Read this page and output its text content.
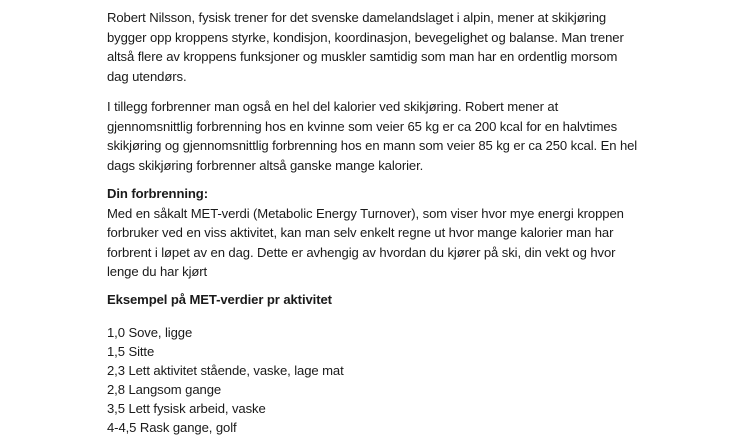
Robert Nilsson, fysisk trener for det svenske damelandslaget i alpin, mener at skikjøring bygger opp kroppens styrke, kondisjon, koordinasjon, bevegelighet og balanse. Man trener altså flere av kroppens funksjoner og muskler samtidig som man har en ordentlig morsom dag utendørs.

I tillegg forbrenner man også en hel del kalorier ved skikjøring. Robert mener at gjennomsnittlig forbrenning hos en kvinne som veier 65 kg er ca 200 kcal for en halvtimes skikjøring og gjennomsnittlig forbrenning hos en mann som veier 85 kg er ca 250 kcal. En hel dags skikjøring forbrenner altså ganske mange kalorier.

Din forbrenning:

Med en såkalt MET-verdi (Metabolic Energy Turnover), som viser hvor mye energi kroppen forbruker ved en viss aktivitet, kan man selv enkelt regne ut hvor mange kalorier man har forbrent i løpet av en dag. Dette er avhengig av hvordan du kjører på ski, din vekt og hvor lenge du har kjørt

Eksempel på MET-verdier pr aktivitet

1,0 Sove, ligge
1,5 Sitte
2,3 Lett aktivitet stående, vaske, lage mat
2,8 Langsom gange
3,5 Lett fysisk arbeid, vaske
4-4,5 Rask gange, golf
